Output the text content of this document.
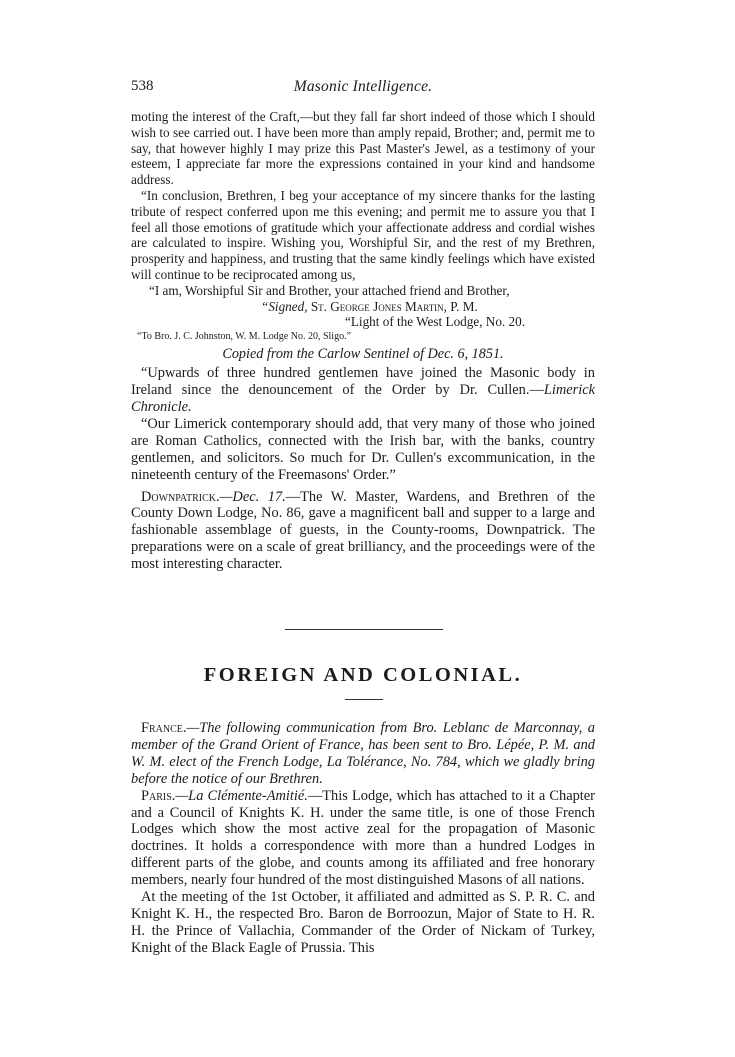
538	Masonic Intelligence.

moting the interest of the Craft,—but they fall far short indeed of those which I should wish to see carried out. I have been more than amply repaid, Brother; and, permit me to say, that however highly I may prize this Past Master's Jewel, as a testimony of your esteem, I appreciate far more the expressions contained in your kind and handsome address.

“In conclusion, Brethren, I beg your acceptance of my sincere thanks for the lasting tribute of respect conferred upon me this evening; and permit me to assure you that I feel all those emotions of gratitude which your affectionate address and cordial wishes are calculated to inspire. Wishing you, Worshipful Sir, and the rest of my Brethren, prosperity and happiness, and trusting that the same kindly feelings which have existed will continue to be reciprocated among us,

“I am, Worshipful Sir and Brother, your attached friend and Brother,

“Signed, St. George Jones Martin, P. M.

“Light of the West Lodge, No. 20.

“To Bro. J. C. Johnston, W. M. Lodge No. 20, Sligo.”

Copied from the Carlow Sentinel of Dec. 6, 1851.

“Upwards of three hundred gentlemen have joined the Masonic body in Ireland since the denouncement of the Order by Dr. Cullen.—Limerick Chronicle.

“Our Limerick contemporary should add, that very many of those who joined are Roman Catholics, connected with the Irish bar, with the banks, country gentlemen, and solicitors. So much for Dr. Cullen's excommunication, in the nineteenth century of the Freemasons' Order.”

Downpatrick.—Dec. 17.—The W. Master, Wardens, and Brethren of the County Down Lodge, No. 86, gave a magnificent ball and supper to a large and fashionable assemblage of guests, in the County-rooms, Downpatrick. The preparations were on a scale of great brilliancy, and the proceedings were of the most interesting character.

FOREIGN AND COLONIAL.

France.—The following communication from Bro. Leblanc de Marconnay, a member of the Grand Orient of France, has been sent to Bro. Lépée, P. M. and W. M. elect of the French Lodge, La Tolérance, No. 784, which we gladly bring before the notice of our Brethren.

Paris.—La Clémente-Amitié.—This Lodge, which has attached to it a Chapter and a Council of Knights K. H. under the same title, is one of those French Lodges which show the most active zeal for the propagation of Masonic doctrines. It holds a correspondence with more than a hundred Lodges in different parts of the globe, and counts among its affiliated and free honorary members, nearly four hundred of the most distinguished Masons of all nations.

At the meeting of the 1st October, it affiliated and admitted as S. P. R. C. and Knight K. H., the respected Bro. Baron de Borroozun, Major of State to H. R. H. the Prince of Vallachia, Commander of the Order of Nickam of Turkey, Knight of the Black Eagle of Prussia. This
